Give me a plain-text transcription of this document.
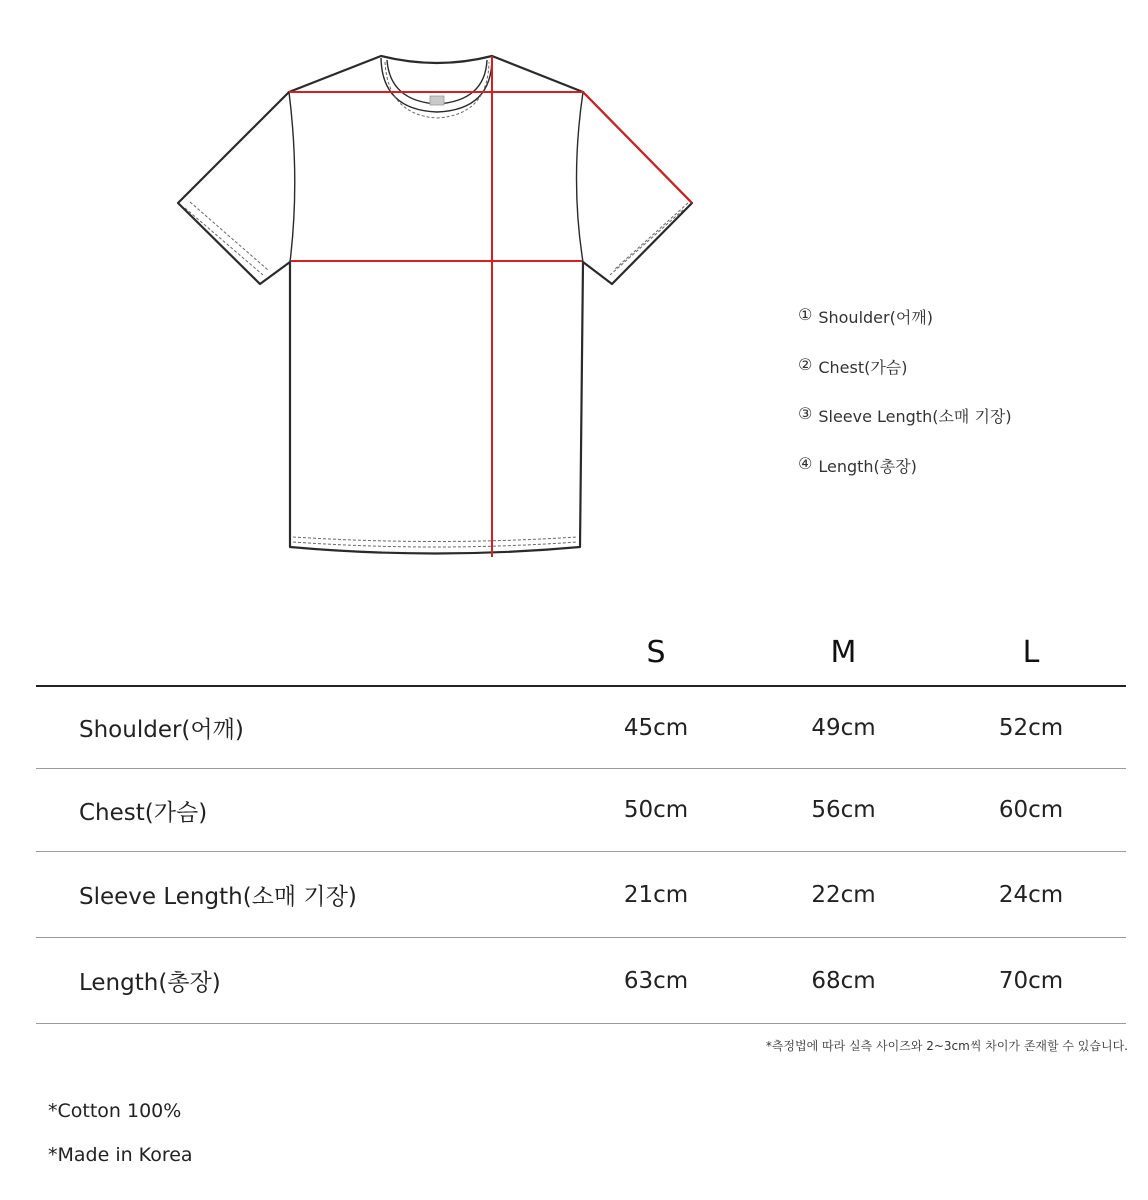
① Shoulder(어깨)
② Chest(가슴)
③ Sleeve Length(소매 기장)
④ Length(총장)
	S	M	L
Shoulder(어깨)	45cm	49cm	52cm
Chest(가슴)	50cm	56cm	60cm
Sleeve Length(소매 기장)	21cm	22cm	24cm
Length(총장)	63cm	68cm	70cm
*측정법에 따라 실측 사이즈와 2~3cm씩 차이가 존재할 수 있습니다.
*Cotton 100%
*Made in Korea
